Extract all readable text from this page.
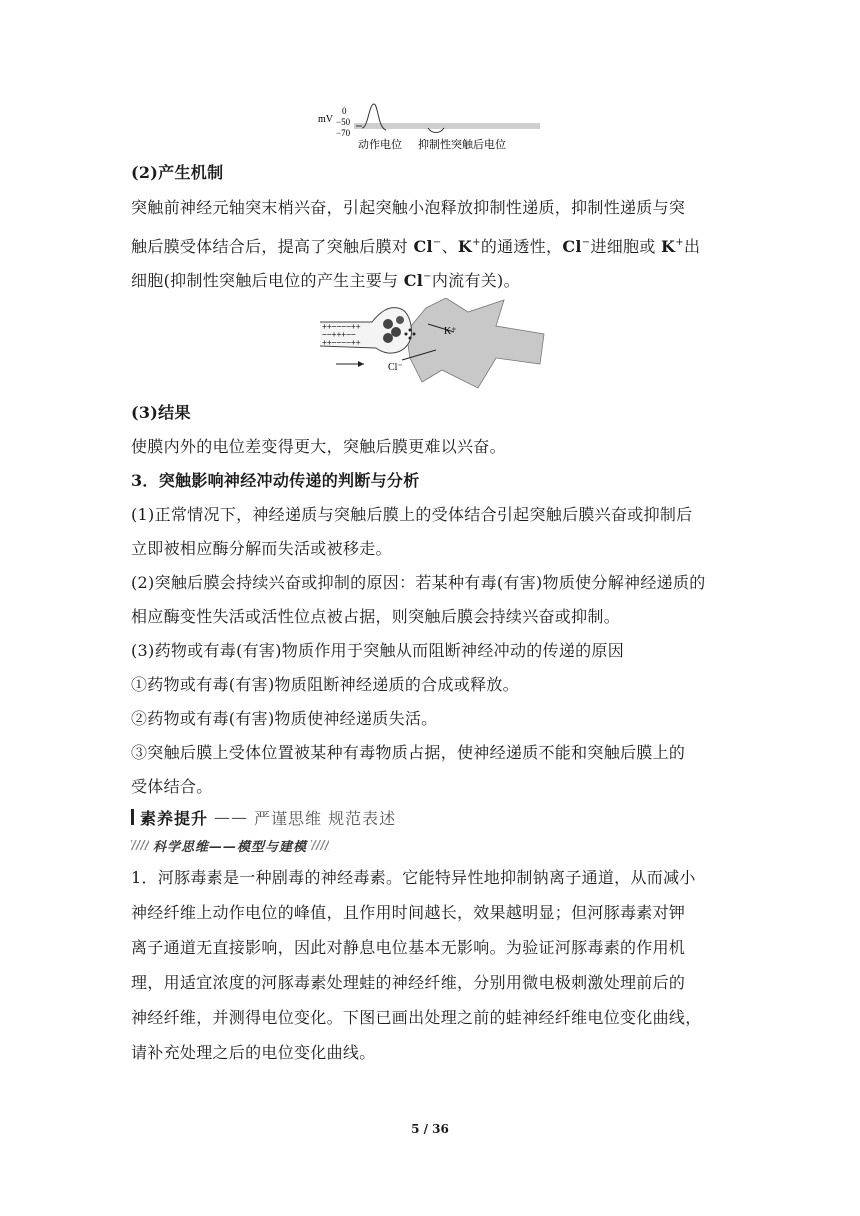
mV
0
−50
−70
动作电位 抑制性突触后电位
(2)产生机制
突触前神经元轴突末梢兴奋，引起突触小泡释放抑制性递质，抑制性递质与突
触后膜受体结合后，提高了突触后膜对 Cl−、K+的通透性，Cl−进细胞或 K+出
细胞(抑制性突触后电位的产生主要与 Cl−内流有关)。
++−−−−++
−−+++−−
++−−−−++
K⁺
Cl⁻
(3)结果
使膜内外的电位差变得更大，突触后膜更难以兴奋。
3．突触影响神经冲动传递的判断与分析
(1)正常情况下，神经递质与突触后膜上的受体结合引起突触后膜兴奋或抑制后
立即被相应酶分解而失活或被移走。
(2)突触后膜会持续兴奋或抑制的原因：若某种有毒(有害)物质使分解神经递质的
相应酶变性失活或活性位点被占据，则突触后膜会持续兴奋或抑制。
(3)药物或有毒(有害)物质作用于突触从而阻断神经冲动的传递的原因
①药物或有毒(有害)物质阻断神经递质的合成或释放。
②药物或有毒(有害)物质使神经递质失活。
③突触后膜上受体位置被某种有毒物质占据，使神经递质不能和突触后膜上的
受体结合。
素养提升 —— 严谨思维 规范表述
科学思维——模型与建模
1．河豚毒素是一种剧毒的神经毒素。它能特异性地抑制钠离子通道，从而减小
神经纤维上动作电位的峰值，且作用时间越长，效果越明显；但河豚毒素对钾
离子通道无直接影响，因此对静息电位基本无影响。为验证河豚毒素的作用机
理，用适宜浓度的河豚毒素处理蛙的神经纤维，分别用微电极刺激处理前后的
神经纤维，并测得电位变化。下图已画出处理之前的蛙神经纤维电位变化曲线，
请补充处理之后的电位变化曲线。
5 / 36
